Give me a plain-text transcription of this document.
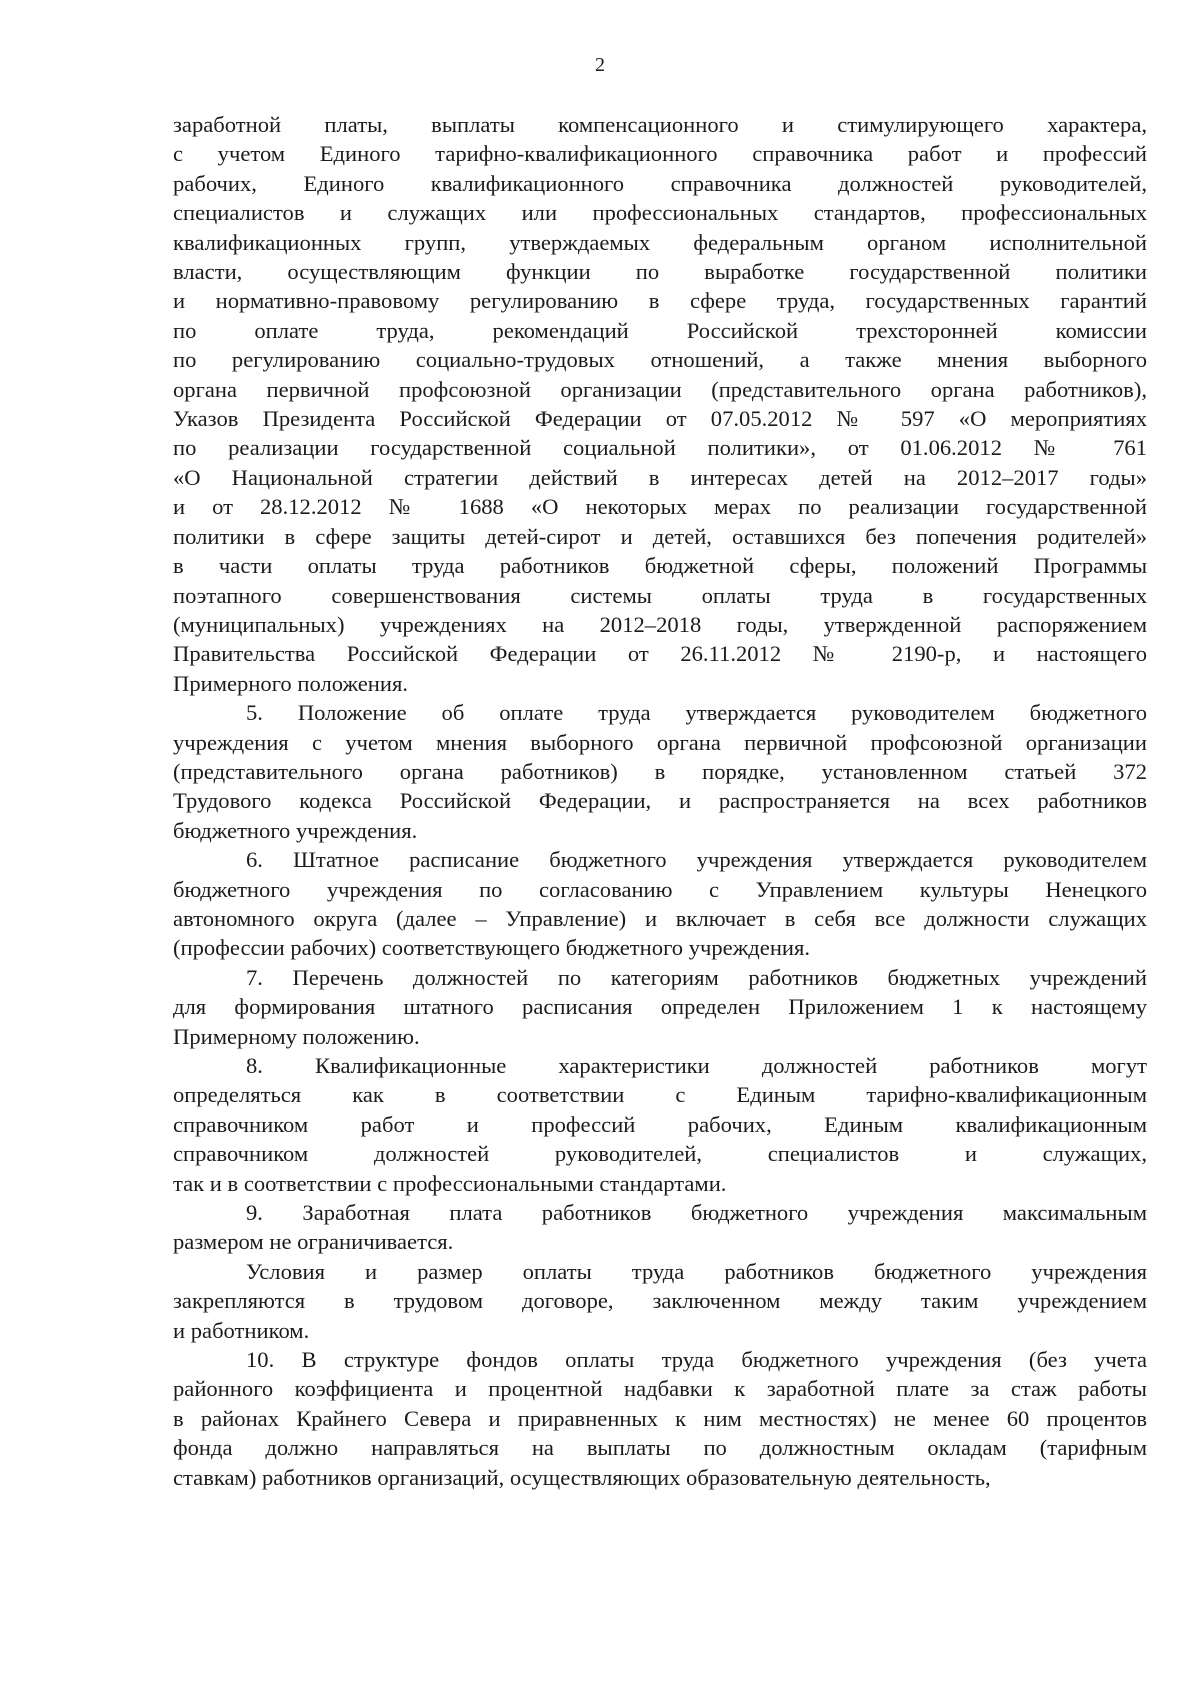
2

заработной платы, выплаты компенсационного и стимулирующего характера,
с учетом Единого тарифно-квалификационного справочника работ и профессий
рабочих, Единого квалификационного справочника должностей руководителей,
специалистов и служащих или профессиональных стандартов, профессиональных
квалификационных групп, утверждаемых федеральным органом исполнительной
власти, осуществляющим функции по выработке государственной политики
и нормативно-правовому регулированию в сфере труда, государственных гарантий
по оплате труда, рекомендаций Российской трехсторонней комиссии
по регулированию социально-трудовых отношений, а также мнения выборного
органа первичной профсоюзной организации (представительного органа работников),
Указов Президента Российской Федерации от 07.05.2012 № 597 «О мероприятиях
по реализации государственной социальной политики», от 01.06.2012 № 761
«О Национальной стратегии действий в интересах детей на 2012–2017 годы»
и от 28.12.2012 № 1688 «О некоторых мерах по реализации государственной
политики в сфере защиты детей-сирот и детей, оставшихся без попечения родителей»
в части оплаты труда работников бюджетной сферы, положений Программы
поэтапного совершенствования системы оплаты труда в государственных
(муниципальных) учреждениях на 2012–2018 годы, утвержденной распоряжением
Правительства Российской Федерации от 26.11.2012 № 2190-р, и настоящего
Примерного положения.

5. Положение об оплате труда утверждается руководителем бюджетного
учреждения с учетом мнения выборного органа первичной профсоюзной организации
(представительного органа работников) в порядке, установленном статьей 372
Трудового кодекса Российской Федерации, и распространяется на всех работников
бюджетного учреждения.

6. Штатное расписание бюджетного учреждения утверждается руководителем
бюджетного учреждения по согласованию с Управлением культуры Ненецкого
автономного округа (далее – Управление) и включает в себя все должности служащих
(профессии рабочих) соответствующего бюджетного учреждения.

7. Перечень должностей по категориям работников бюджетных учреждений
для формирования штатного расписания определен Приложением 1 к настоящему
Примерному положению.

8. Квалификационные характеристики должностей работников могут
определяться как в соответствии с Единым тарифно-квалификационным
справочником работ и профессий рабочих, Единым квалификационным
справочником должностей руководителей, специалистов и служащих,
так и в соответствии с профессиональными стандартами.

9. Заработная плата работников бюджетного учреждения максимальным
размером не ограничивается.

Условия и размер оплаты труда работников бюджетного учреждения
закрепляются в трудовом договоре, заключенном между таким учреждением
и работником.

10. В структуре фондов оплаты труда бюджетного учреждения (без учета
районного коэффициента и процентной надбавки к заработной плате за стаж работы
в районах Крайнего Севера и приравненных к ним местностях) не менее 60 процентов
фонда должно направляться на выплаты по должностным окладам (тарифным
ставкам) работников организаций, осуществляющих образовательную деятельность,
